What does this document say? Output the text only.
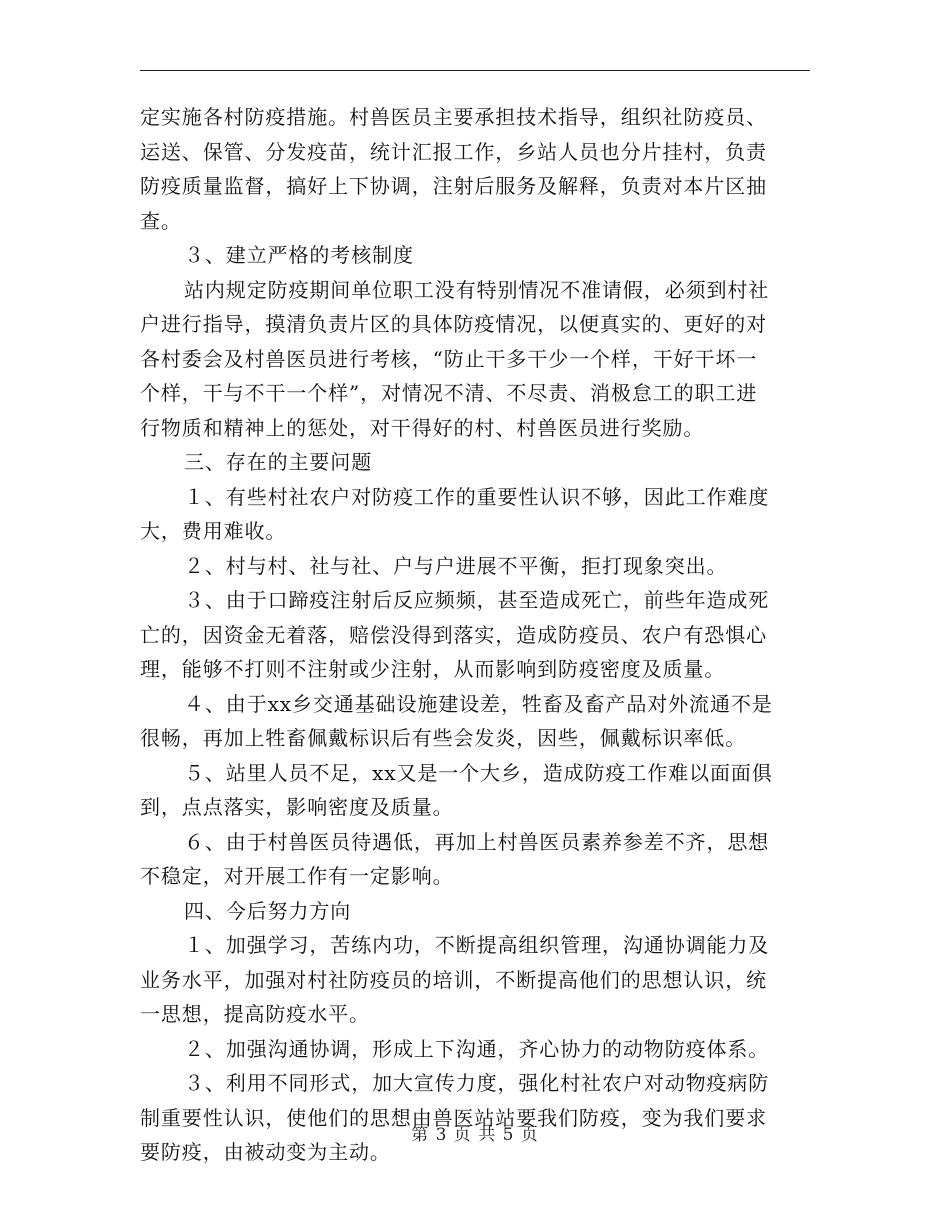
定实施各村防疫措施。村兽医员主要承担技术指导，组织社防疫员、
运送、保管、分发疫苗，统计汇报工作，乡站人员也分片挂村，负责
防疫质量监督，搞好上下协调，注射后服务及解释，负责对本片区抽
查。
３、建立严格的考核制度
站内规定防疫期间单位职工没有特别情况不准请假，必须到村社
户进行指导，摸清负责片区的具体防疫情况，以便真实的、更好的对
各村委会及村兽医员进行考核，“防止干多干少一个样，干好干坏一
个样，干与不干一个样”，对情况不清、不尽责、消极怠工的职工进
行物质和精神上的惩处，对干得好的村、村兽医员进行奖励。
三、存在的主要问题
１、有些村社农户对防疫工作的重要性认识不够，因此工作难度
大，费用难收。
２、村与村、社与社、户与户进展不平衡，拒打现象突出。
３、由于口蹄疫注射后反应频频，甚至造成死亡，前些年造成死
亡的，因资金无着落，赔偿没得到落实，造成防疫员、农户有恐惧心
理，能够不打则不注射或少注射，从而影响到防疫密度及质量。
４、由于xx乡交通基础设施建设差，牲畜及畜产品对外流通不是
很畅，再加上牲畜佩戴标识后有些会发炎，因些，佩戴标识率低。
５、站里人员不足，xx又是一个大乡，造成防疫工作难以面面俱
到，点点落实，影响密度及质量。
６、由于村兽医员待遇低，再加上村兽医员素养参差不齐，思想
不稳定，对开展工作有一定影响。
四、今后努力方向
１、加强学习，苦练内功，不断提高组织管理，沟通协调能力及
业务水平，加强对村社防疫员的培训，不断提高他们的思想认识，统
一思想，提高防疫水平。
２、加强沟通协调，形成上下沟通，齐心协力的动物防疫体系。
３、利用不同形式，加大宣传力度，强化村社农户对动物疫病防
制重要性认识，使他们的思想由兽医站站要我们防疫，变为我们要求
要防疫，由被动变为主动。
第 3 页 共 5 页
